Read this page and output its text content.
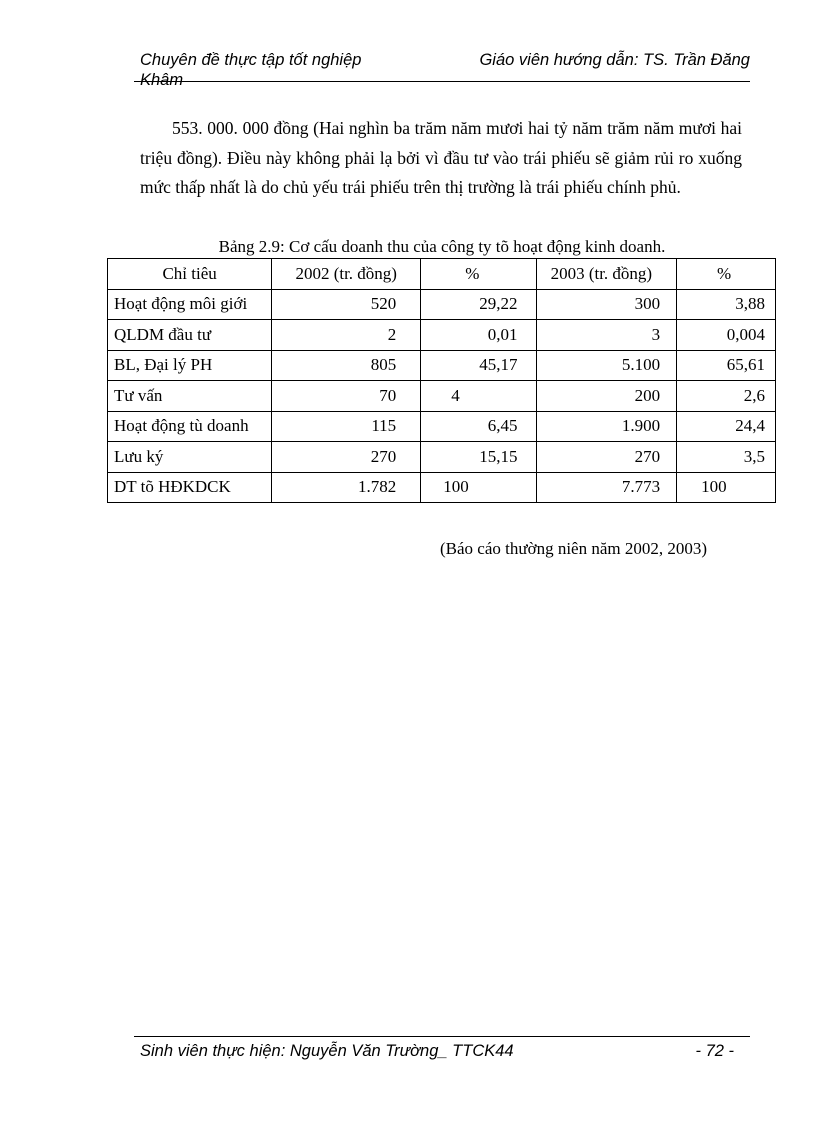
Chuyên đề thực tập tốt nghiệp	Giáo viên hướng dẫn: TS. Trần Đăng
Khâm

553. 000. 000 đồng (Hai nghìn ba trăm năm mươi hai tỷ năm trăm năm mươi hai triệu đồng). Điều này không phải lạ bởi vì đầu tư vào trái phiếu sẽ giảm rủi ro xuống mức thấp nhất là do chủ yếu trái phiếu trên thị trường là trái phiếu chính phủ.

Bảng 2.9: Cơ cấu doanh thu của công ty tõ hoạt động kinh doanh.
Chỉ tiêu	2002 (tr. đồng)	%	2003 (tr. đồng)	%
Hoạt động môi giới	520	29,22	300	3,88
QLDM đầu tư	2	0,01	3	0,004
BL, Đại lý PH	805	45,17	5.100	65,61
Tư vấn	70	4	200	2,6
Hoạt động tù doanh	115	6,45	1.900	24,4
Lưu ký	270	15,15	270	3,5
DT tõ HĐKDCK	1.782	100	7.773	100
(Báo cáo thường niên năm 2002, 2003)
Sinh viên thực hiện: Nguyễn Văn Trường_ TTCK44	- 72 -
